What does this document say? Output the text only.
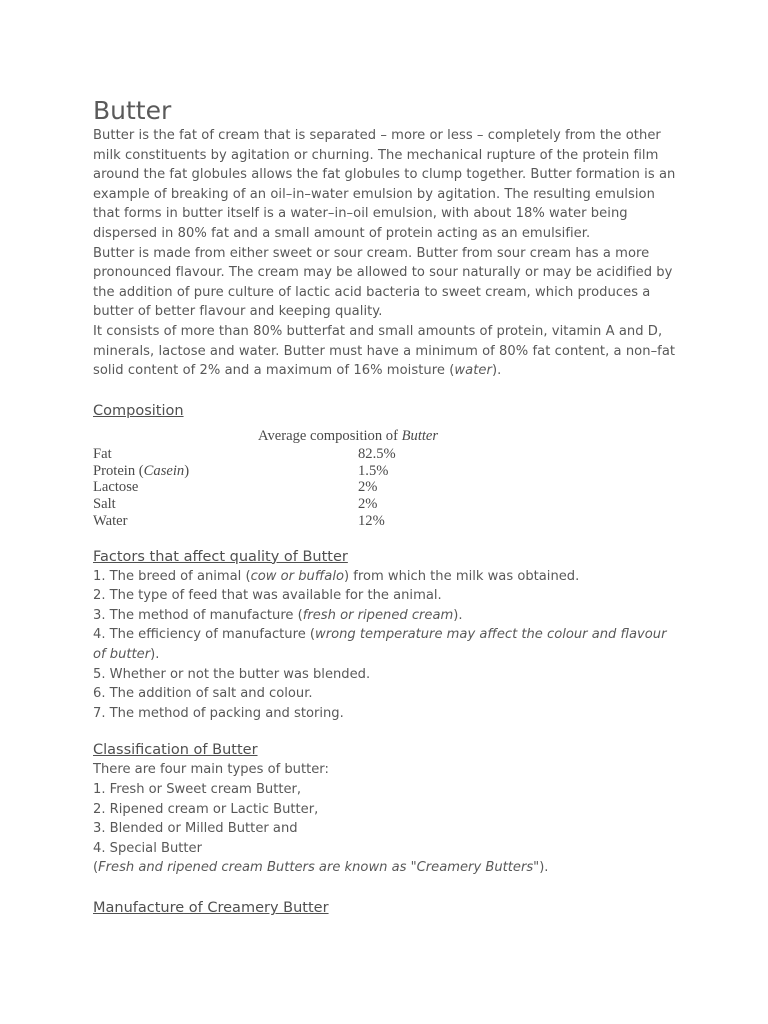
Butter

Butter is the fat of cream that is separated – more or less – completely from the other milk constituents by agitation or churning. The mechanical rupture of the protein film around the fat globules allows the fat globules to clump together. Butter formation is an example of breaking of an oil–in–water emulsion by agitation. The resulting emulsion that forms in butter itself is a water–in–oil emulsion, with about 18% water being dispersed in 80% fat and a small amount of protein acting as an emulsifier.

Butter is made from either sweet or sour cream. Butter from sour cream has a more pronounced flavour. The cream may be allowed to sour naturally or may be acidified by the addition of pure culture of lactic acid bacteria to sweet cream, which produces a butter of better flavour and keeping quality.

It consists of more than 80% butterfat and small amounts of protein, vitamin A and D, minerals, lactose and water. Butter must have a minimum of 80% fat content, a non–fat solid content of 2% and a maximum of 16% moisture (water).

Composition
Average composition of Butter
Fat	82.5%
Protein (Casein)	1.5%
Lactose	2%
Salt	2%
Water	12%
Factors that affect quality of Butter

1. The breed of animal (cow or buffalo) from which the milk was obtained.

2. The type of feed that was available for the animal.

3. The method of manufacture (fresh or ripened cream).

4. The efficiency of manufacture (wrong temperature may affect the colour and flavour of butter).

5. Whether or not the butter was blended.

6. The addition of salt and colour.

7. The method of packing and storing.

Classification of Butter

There are four main types of butter:

1. Fresh or Sweet cream Butter,

2. Ripened cream or Lactic Butter,

3. Blended or Milled Butter and

4. Special Butter

(Fresh and ripened cream Butters are known as "Creamery Butters").

Manufacture of Creamery Butter
